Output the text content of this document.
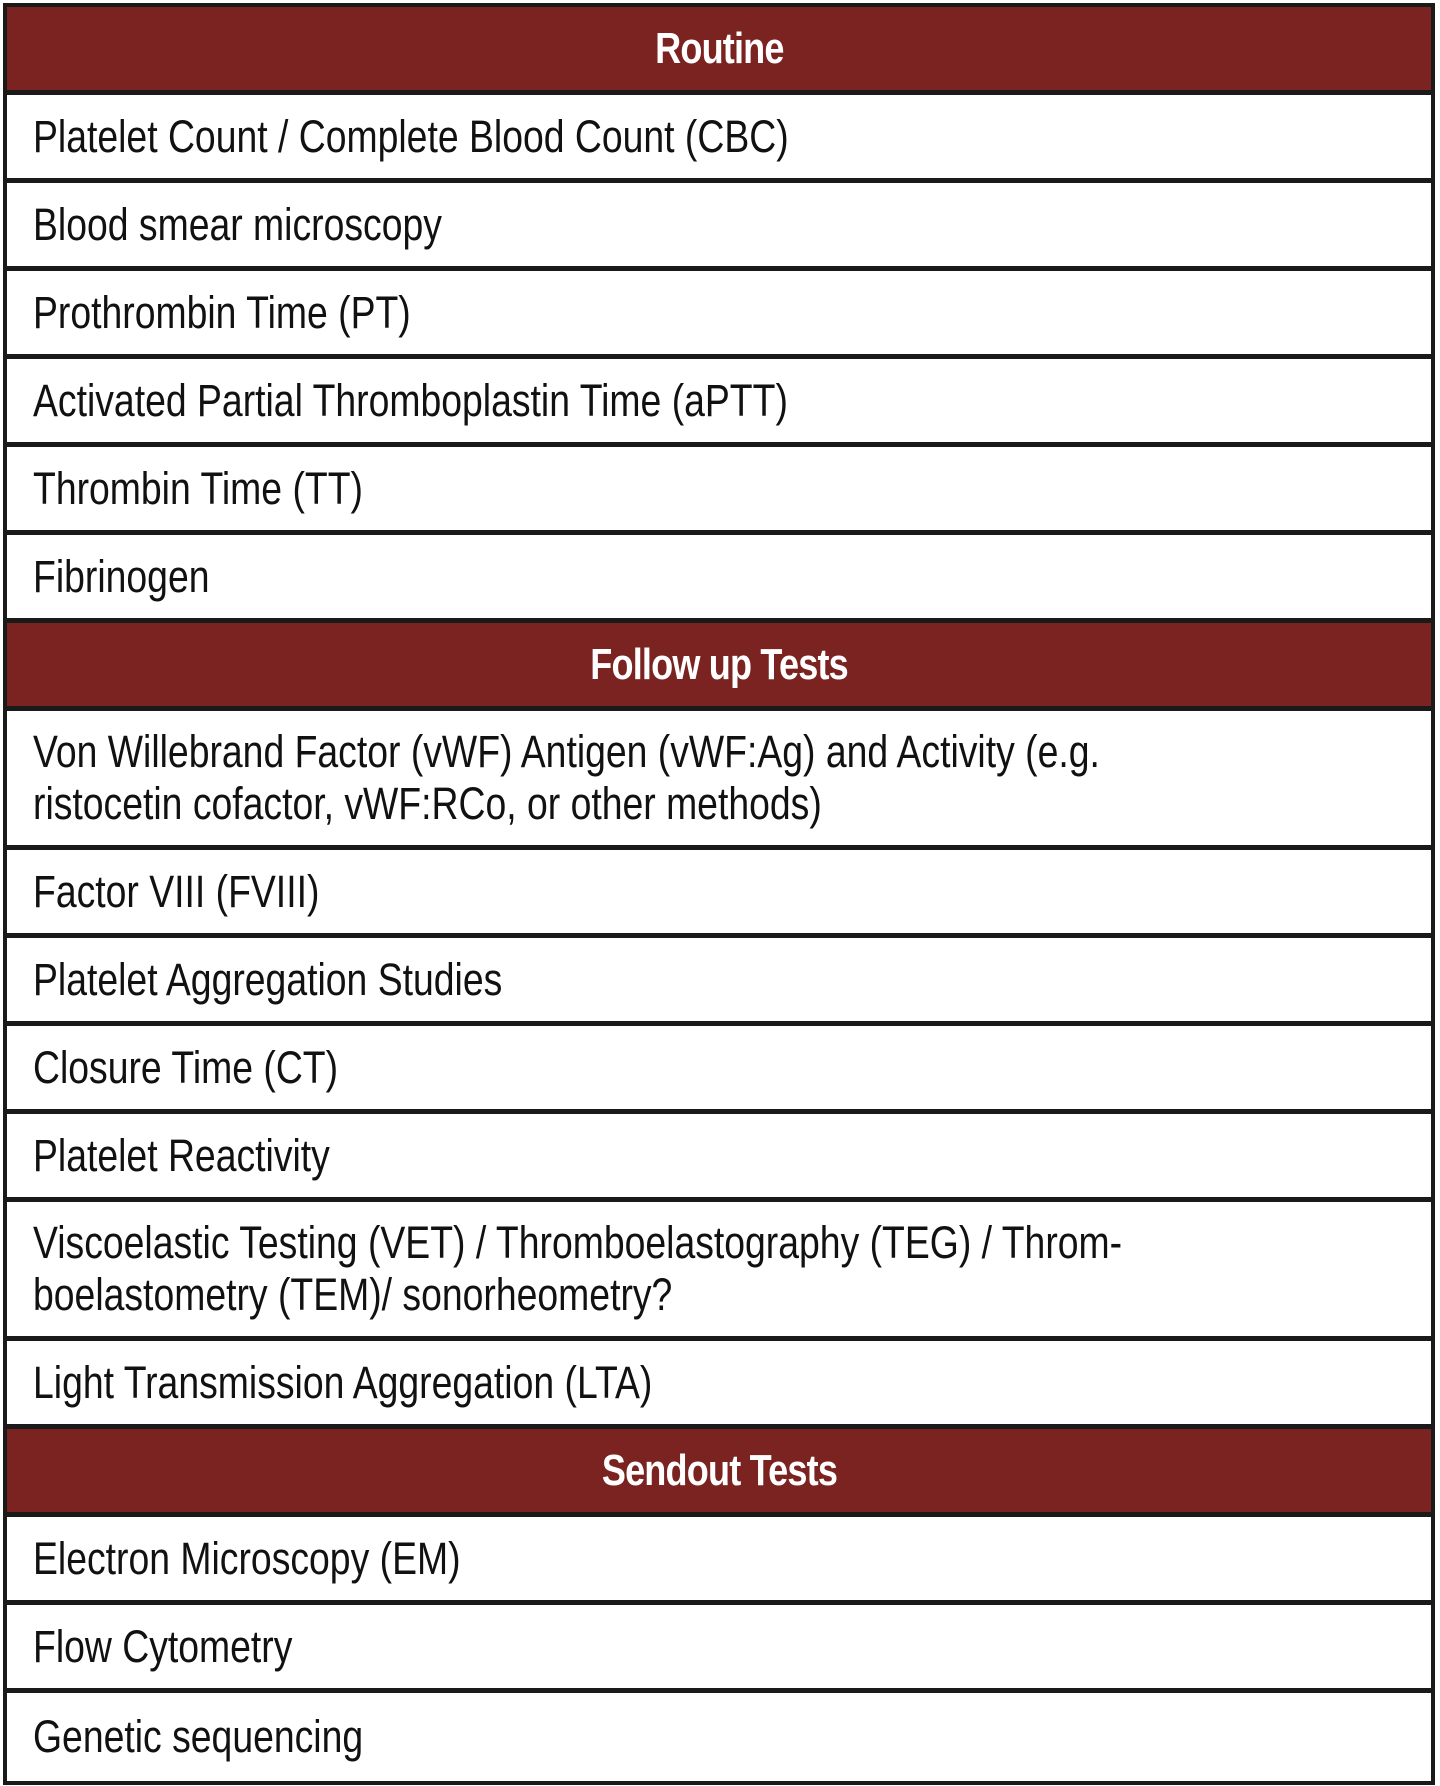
Routine
Platelet Count / Complete Blood Count (CBC)
Blood smear microscopy
Prothrombin Time (PT)
Activated Partial Thromboplastin Time (aPTT)
Thrombin Time (TT)
Fibrinogen
Follow up Tests
Von Willebrand Factor (vWF) Antigen (vWF:Ag) and Activity (e.g.
ristocetin cofactor, vWF:RCo, or other methods)
Factor VIII (FVIII)
Platelet Aggregation Studies
Closure Time (CT)
Platelet Reactivity
Viscoelastic Testing (VET) / Thromboelastography (TEG) / Throm-
boelastometry (TEM)/ sonorheometry?
Light Transmission Aggregation (LTA)
Sendout Tests
Electron Microscopy (EM)
Flow Cytometry
Genetic sequencing
